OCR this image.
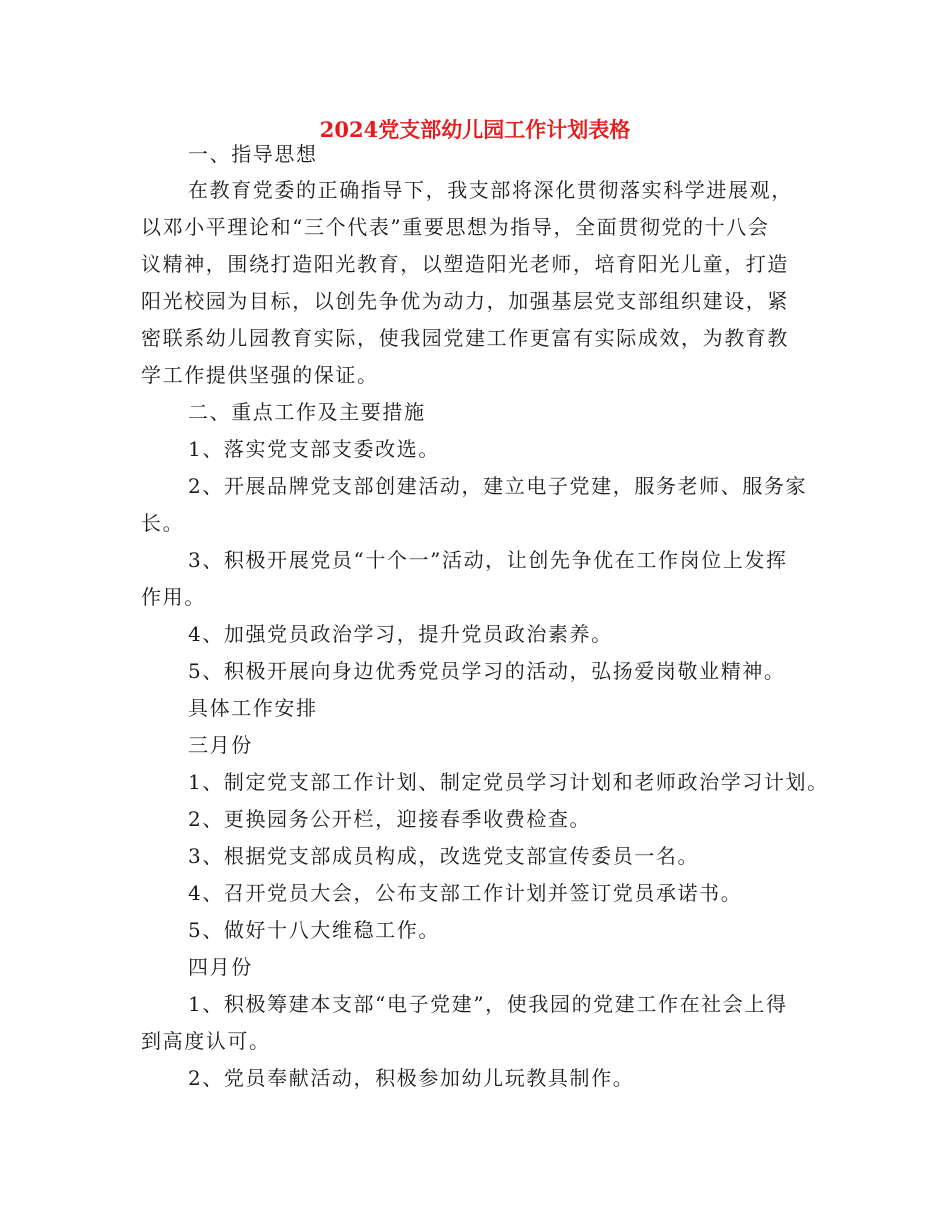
2024党支部幼儿园工作计划表格
一、指导思想
在教育党委的正确指导下，我支部将深化贯彻落实科学进展观，
以邓小平理论和“三个代表”重要思想为指导，全面贯彻党的十八会
议精神，围绕打造阳光教育，以塑造阳光老师，培育阳光儿童，打造
阳光校园为目标，以创先争优为动力，加强基层党支部组织建设，紧
密联系幼儿园教育实际，使我园党建工作更富有实际成效，为教育教
学工作提供坚强的保证。
二、重点工作及主要措施
1、落实党支部支委改选。
2、开展品牌党支部创建活动，建立电子党建，服务老师、服务家
长。
3、积极开展党员“十个一”活动，让创先争优在工作岗位上发挥
作用。
4、加强党员政治学习，提升党员政治素养。
5、积极开展向身边优秀党员学习的活动，弘扬爱岗敬业精神。
具体工作安排
三月份
1、制定党支部工作计划、制定党员学习计划和老师政治学习计划。
2、更换园务公开栏，迎接春季收费检查。
3、根据党支部成员构成，改选党支部宣传委员一名。
4、召开党员大会，公布支部工作计划并签订党员承诺书。
5、做好十八大维稳工作。
四月份
1、积极筹建本支部“电子党建”，使我园的党建工作在社会上得
到高度认可。
2、党员奉献活动，积极参加幼儿玩教具制作。
